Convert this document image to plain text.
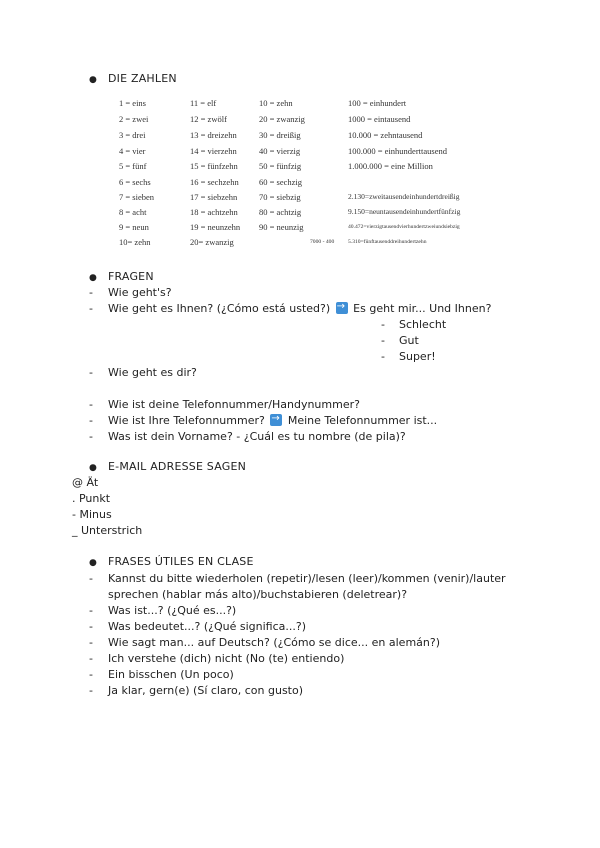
● DIE ZAHLEN
1 = eins
2 = zwei
3 = drei
4 = vier
5 = fünf
6 = sechs
7 = sieben
8 = acht
9 = neun
10= zehn
11 = elf
12 = zwölf
13 = dreizehn
14 = vierzehn
15 = fünfzehn
16 = sechzehn
17 = siebzehn
18 = achtzehn
19 = neunzehn
20= zwanzig
10 = zehn
20 = zwanzig
30 = dreißig
40 = vierzig
50 = fünfzig
60 = sechzig
70 = siebzig
80 = achtzig
90 = neunzig
100 = einhundert
1000 = eintausend
10.000 = zehntausend
100.000 = einhunderttausend
1.000.000 = eine Million
2.130=zweitausendeinhundertdreißig
9.150=neuntausendeinhundertfünfzig
40.472=vierzigtausendvierhundertzweiundsiebzig
7000 - 400 5.310=fünftausenddreihundertzehn
● FRAGEN
- Wie geht's?
- Wie geht es Ihnen? (¿Cómo está usted?) → Es geht mir... Und Ihnen?
- Schlecht
- Gut
- Super!
- Wie geht es dir?
- Wie ist deine Telefonnummer/Handynummer?
- Wie ist Ihre Telefonnummer? → Meine Telefonnummer ist...
- Was ist dein Vorname? - ¿Cuál es tu nombre (de pila)?
● E-MAIL ADRESSE SAGEN
@ Ät
. Punkt
- Minus
_ Unterstrich
● FRASES ÚTILES EN CLASE
- Kannst du bitte wiederholen (repetir)/lesen (leer)/kommen (venir)/lauter
sprechen (hablar más alto)/buchstabieren (deletrear)?
- Was ist...? (¿Qué es...?)
- Was bedeutet...? (¿Qué significa...?)
- Wie sagt man... auf Deutsch? (¿Cómo se dice... en alemán?)
- Ich verstehe (dich) nicht (No (te) entiendo)
- Ein bisschen (Un poco)
- Ja klar, gern(e) (Sí claro, con gusto)
